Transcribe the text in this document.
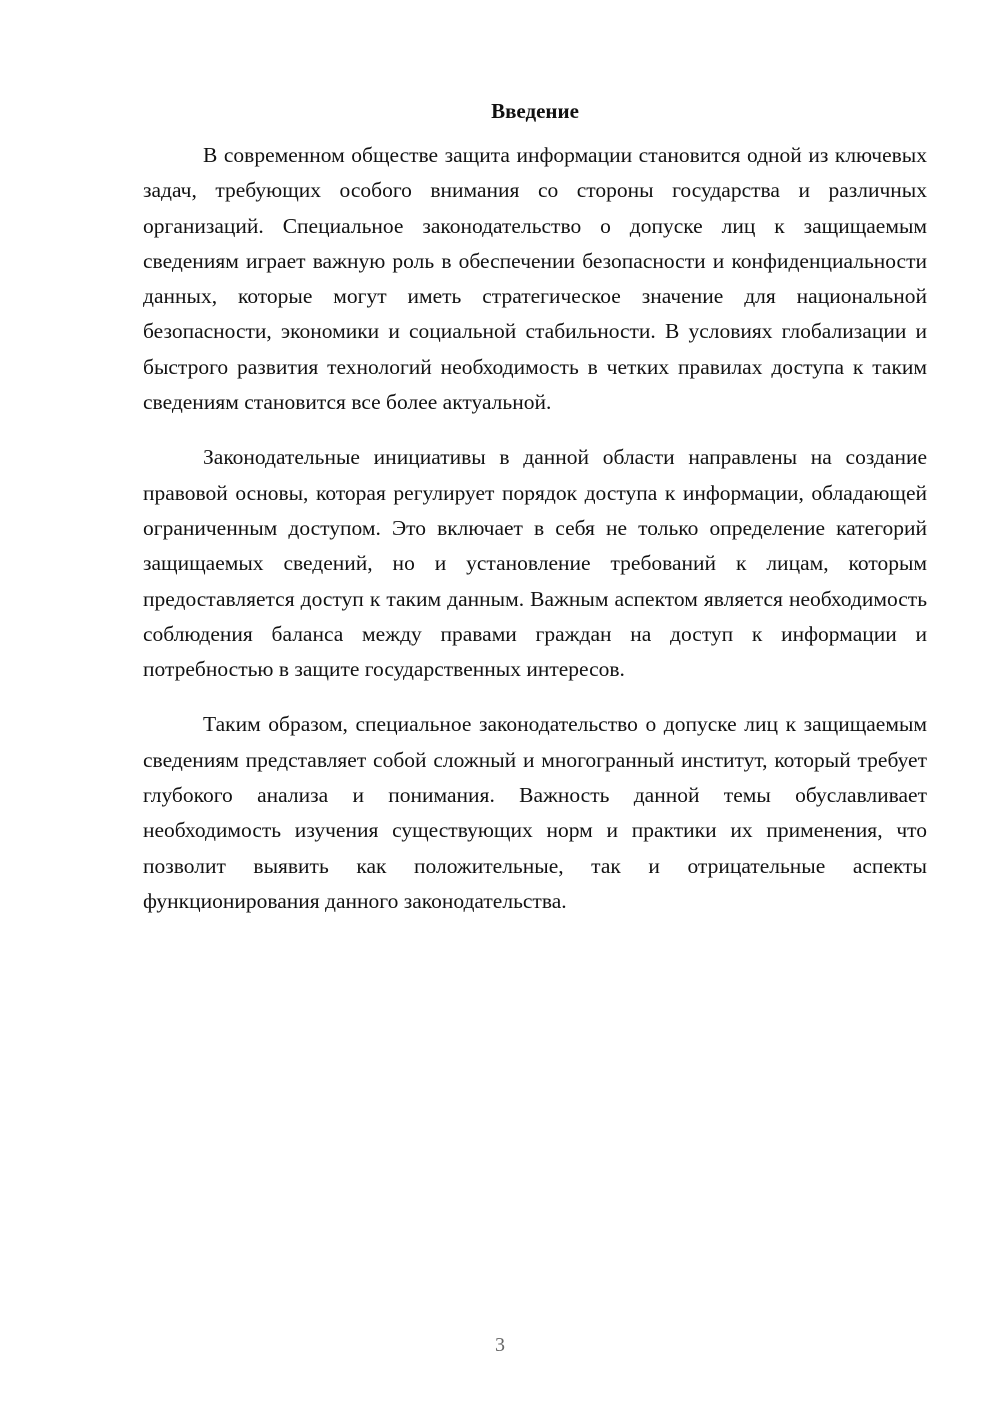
Введение

В современном обществе защита информации становится одной из ключевых задач, требующих особого внимания со стороны государства и различных организаций. Специальное законодательство о допуске лиц к защищаемым сведениям играет важную роль в обеспечении безопасности и конфиденциальности данных, которые могут иметь стратегическое значение для национальной безопасности, экономики и социальной стабильности. В условиях глобализации и быстрого развития технологий необходимость в четких правилах доступа к таким сведениям становится все более актуальной.

Законодательные инициативы в данной области направлены на создание правовой основы, которая регулирует порядок доступа к информации, обладающей ограниченным доступом. Это включает в себя не только определение категорий защищаемых сведений, но и установление требований к лицам, которым предоставляется доступ к таким данным. Важным аспектом является необходимость соблюдения баланса между правами граждан на доступ к информации и потребностью в защите государственных интересов.

Таким образом, специальное законодательство о допуске лиц к защищаемым сведениям представляет собой сложный и многогранный институт, который требует глубокого анализа и понимания. Важность данной темы обуславливает необходимость изучения существующих норм и практики их применения, что позволит выявить как положительные, так и отрицательные аспекты функционирования данного законодательства.

3
